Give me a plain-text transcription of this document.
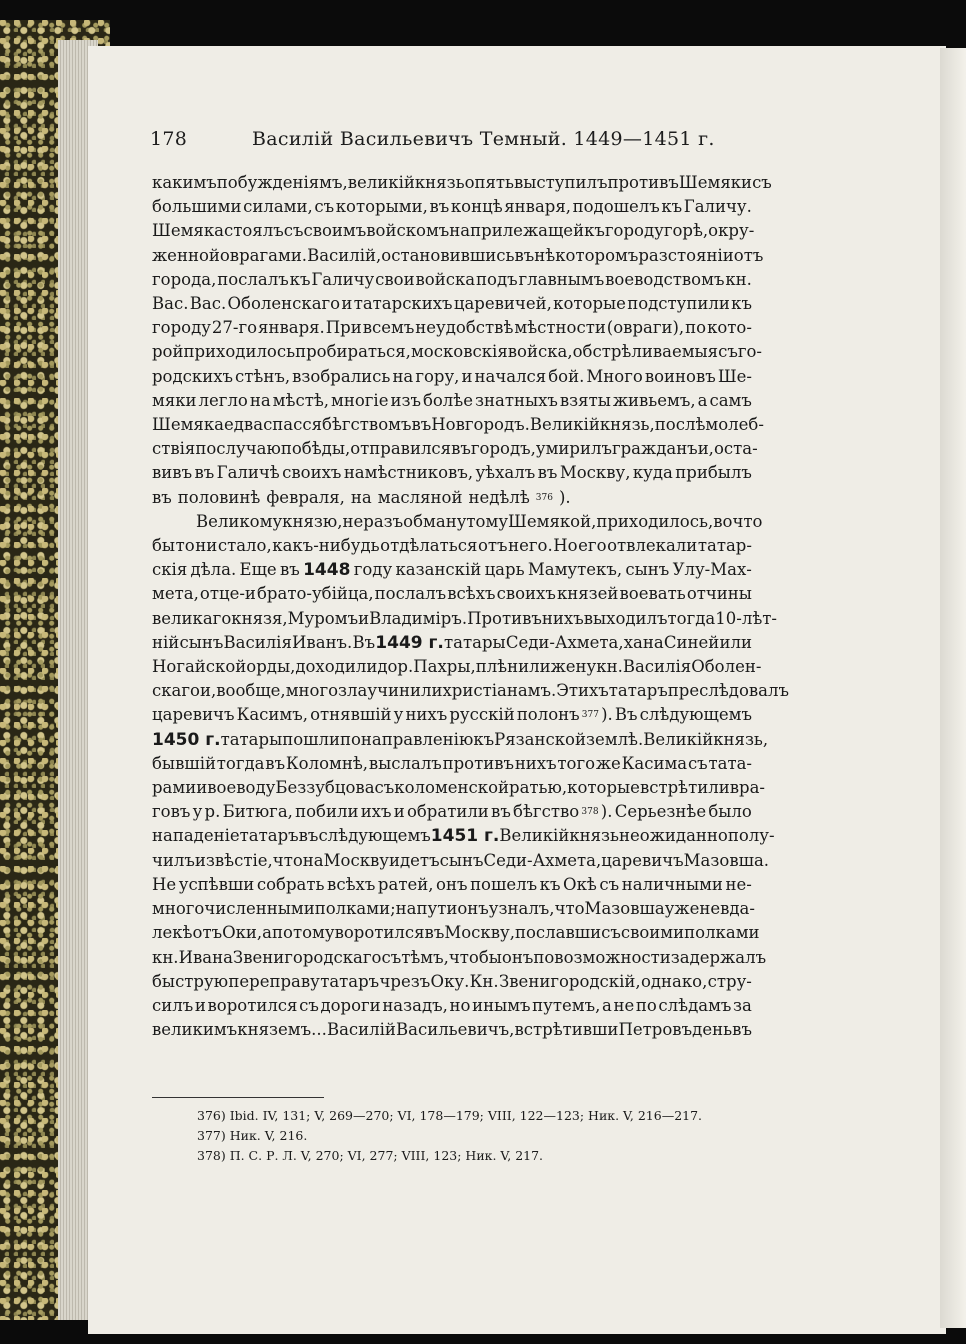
178	Василій Васильевичъ Темный. 1449—1451 г.
какимъ побужденіямъ, великій князь опять выступилъ противъ Шемяки съ
большими силами, съ которыми, въ концѣ января, подошелъ къ Галичу.
Шемяка стоялъ съ своимъ войскомъ на прилежащей къ городу горѣ, окру-
женной оврагами. Василій, остановившись въ нѣкоторомъ разстояніи отъ
города, послалъ къ Галичу свои войска подъ главнымъ воеводствомъ кн.
Вас. Вас. Оболенскаго и татарскихъ царевичей, которые подступили къ
городу 27-го января. При всемъ неудобствѣ мѣстности (овраги), по кото-
рой приходилось пробираться, московскія войска, обстрѣливаемыя съ го-
родскихъ стѣнъ, взобрались на гору, и начался бой. Много воиновъ Ше-
мяки легло на мѣстѣ, многіе изъ болѣе знатныхъ взяты живьемъ, а самъ
Шемяка едва спасся бѣгствомъ въ Новгородъ. Великій князь, послѣ молеб-
ствія по случаю побѣды, отправился въ городъ, умирилъ гражданъ и, оста-
вивъ въ Галичѣ своихъ намѣстниковъ, уѣхалъ въ Москву, куда прибылъ
въ половинѣ февраля, на масляной недѣлѣ 376 ).
Великому князю, не разъ обманутому Шемякой, приходилось, во что
бы то ни стало, какъ-нибудь отдѣлаться отъ него. Но его отвлекали татар-
скія дѣла. Еще въ 1448 году казанскій царь Мамутекъ, сынъ Улу-Мах-
мета, отце-и брато-убійца, послалъ всѣхъ своихъ князей воевать отчины
великаго князя, Муромъ и Владиміръ. Противъ нихъ выходилъ тогда 10-лѣт-
ній сынъ Василія Иванъ. Въ 1449 г. татары Седи-Ахмета, хана Синей или
Ногайской орды, доходили до р. Пахры, плѣнили жену кн. Василія Оболен-
скаго и, вообще, много зла учинили христіанамъ. Этихъ татаръ преслѣдовалъ
царевичъ Касимъ, отнявшій у нихъ русскій полонъ 377 ). Въ слѣдующемъ
1450 г. татары пошли по направленію къ Рязанской землѣ. Великій князь,
бывшій тогда въ Коломнѣ, выслалъ противъ нихъ того же Касима съ тата-
рами и воеводу Беззубцова съ коломенской ратью, которые встрѣтили вра-
говъ у р. Битюга, побили ихъ и обратили въ бѣгство 378 ). Серьезнѣе было
нападеніе татаръ въ слѣдующемъ 1451 г. Великій князь неожиданно полу-
чилъ извѣстіе, что на Москву идетъ сынъ Седи-Ахмета, царевичъ Мазовша.
Не успѣвши собрать всѣхъ ратей, онъ пошелъ къ Окѣ съ наличными не-
многочисленными полками; на пути онъ узналъ, что Мазовша уже не вда-
лекѣ отъ Оки, а потому воротился въ Москву, пославши съ своими полками
кн. Ивана Звенигородскаго съ тѣмъ, чтобы онъ по возможности задержалъ
быструю переправу татаръ чрезъ Оку. Кн. Звенигородскій, однако, стру-
силъ и воротился съ дороги назадъ, но инымъ путемъ, а не по слѣдамъ за
великимъ княземъ... Василій Васильевичъ, встрѣтивши Петровъ день въ
376) Ibid. IV, 131; V, 269—270; VI, 178—179; VIII, 122—123; Ник. V, 216—217.
377) Ник. V, 216.
378) П. С. Р. Л. V, 270; VI, 277; VIII, 123; Ник. V, 217.
